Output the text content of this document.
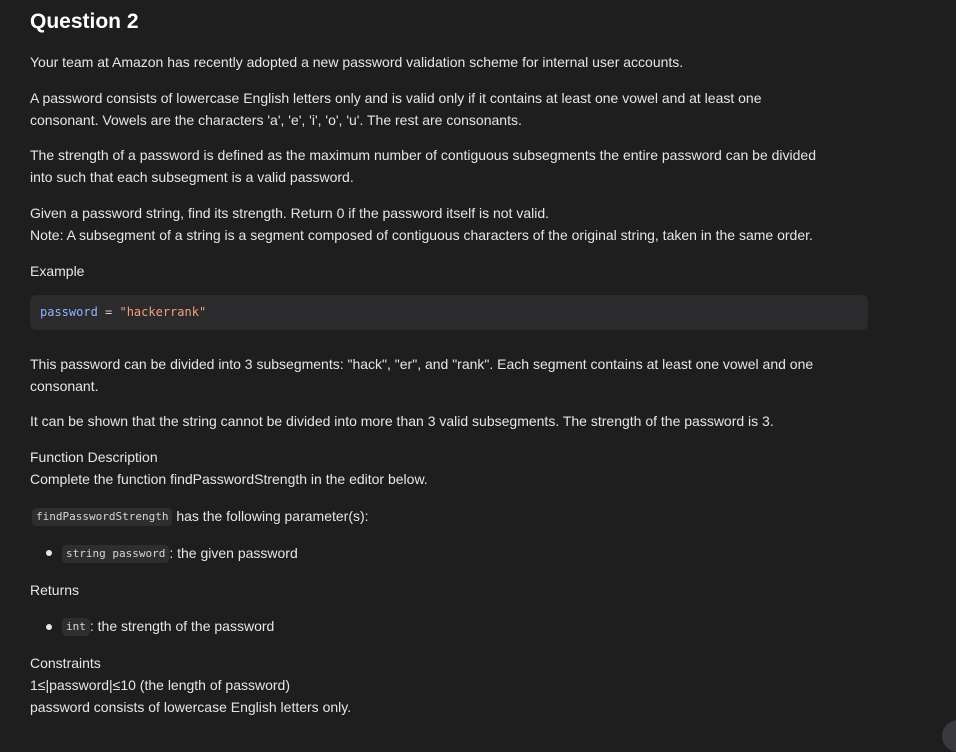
Question 2

Your team at Amazon has recently adopted a new password validation scheme for internal user accounts.

A password consists of lowercase English letters only and is valid only if it contains at least one vowel and at least one

consonant. Vowels are the characters 'a', 'e', 'i', 'o', 'u'. The rest are consonants.

The strength of a password is defined as the maximum number of contiguous subsegments the entire password can be divided

into such that each subsegment is a valid password.

Given a password string, find its strength. Return 0 if the password itself is not valid.

Note: A subsegment of a string is a segment composed of contiguous characters of the original string, taken in the same order.

Example

password = "hackerrank"

This password can be divided into 3 subsegments: "hack", "er", and "rank". Each segment contains at least one vowel and one

consonant.

It can be shown that the string cannot be divided into more than 3 valid subsegments. The strength of the password is 3.

Function Description

Complete the function findPasswordStrength in the editor below.

findPasswordStrength has the following parameter(s):

string password : the given password

Returns

int : the strength of the password

Constraints

1≤|password|≤10 (the length of password)

password consists of lowercase English letters only.
